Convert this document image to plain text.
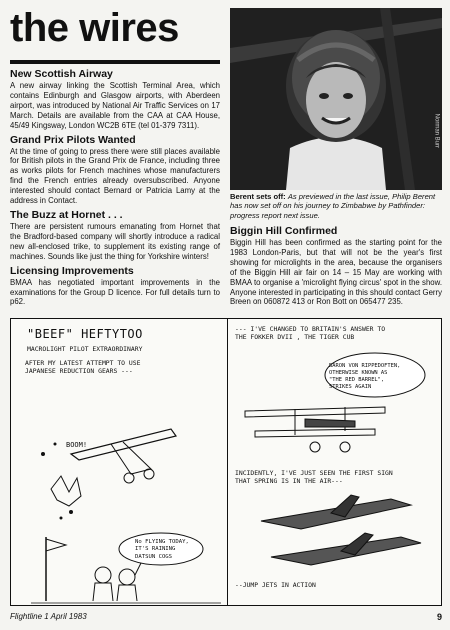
the wires
New Scottish Airway

A new airway linking the Scottish Terminal Area, which contains Edinburgh and Glasgow airports, with Aberdeen airport, was introduced by National Air Traffic Services on 17 March. Details are available from the CAA at CAA House, 45/49 Kingsway, London WC2B 6TE (tel 01-379 7311).

Grand Prix Pilots Wanted

At the time of going to press there were still places available for British pilots in the Grand Prix de France, including three as works pilots for French machines whose manufacturers find the French entries already oversubscribed. Anyone interested should contact Bernard or Patricia Lamy at the address in Contact.

The Buzz at Hornet . . .

There are persistent rumours emanating from Hornet that the Bradford-based company will shortly introduce a radical new all-enclosed trike, to supplement its existing range of machines. Sounds like just the thing for Yorkshire winters!

Licensing Improvements

BMAA has negotiated important improvements in the examinations for the Group D licence. For full details turn to p62.

Norman Burr
Berent sets off: As previewed in the last issue, Philip Berent has now set off on his journey to Zimbabwe by Pathfinder: progress report next issue.
Biggin Hill Confirmed

Biggin Hill has been confirmed as the starting point for the 1983 London-Paris, but that will not be the year's first showing for microlights in the area, because the organisers of the Biggin Hill air fair on 14 – 15 May are working with BMAA to organise a 'microlight flying circus' spot in the show. Anyone interested in participating in this should contact Gerry Breen on 060872 413 or Ron Bott on 065477 235.

"BEEF" HEFTYTOO
MACROLIGHT PILOT EXTRAORDINARY
AFTER MY LATEST ATTEMPT TO USE
JAPANESE REDUCTION GEARS ---
BOOM!
No FLYING TODAY,
IT'S RAINING
DATSUN COGS
--- I'VE CHANGED TO BRITAIN'S ANSWER TO
THE FOKKER DVII , THE TIGER CUB
BARON VON RIPPEDOFTEN,
OTHERWISE KNOWN AS
"THE RED BARREL",
STRIKES AGAIN
INCIDENTLY, I'VE JUST SEEN THE FIRST SIGN
THAT SPRING IS IN THE AIR---
--JUMP JETS IN ACTION
Flightline 1 April 1983	9
